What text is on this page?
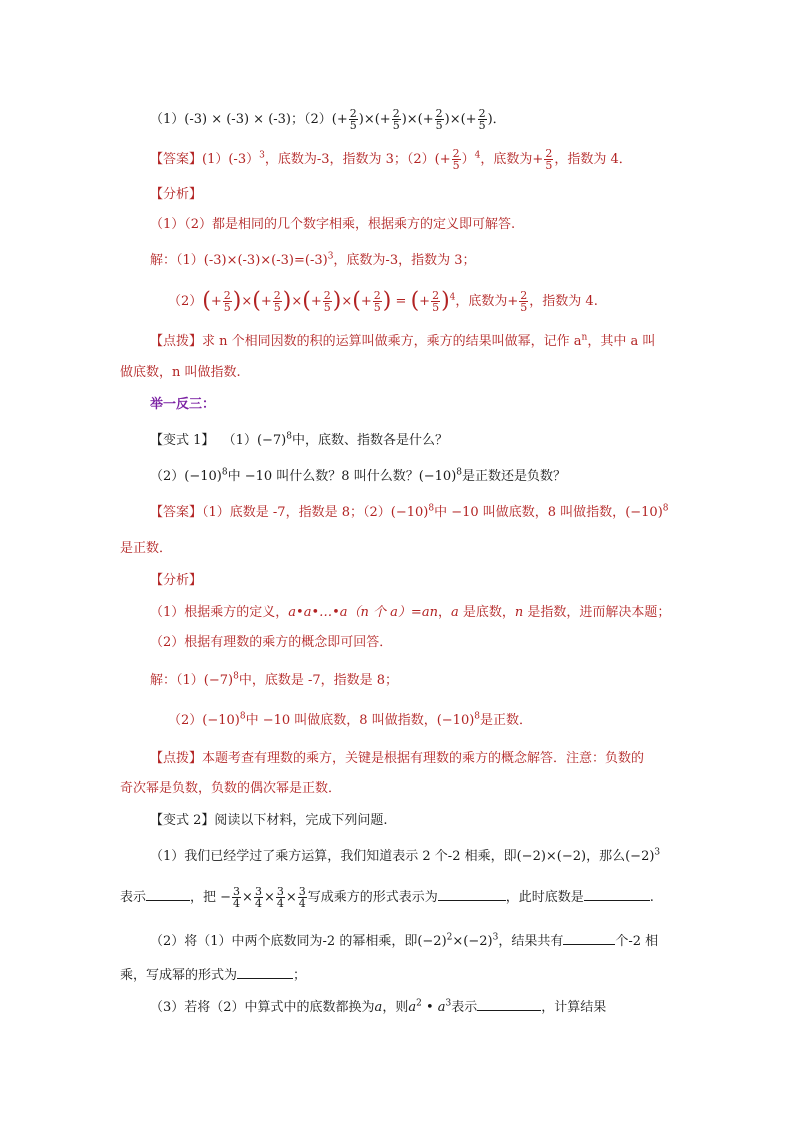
（1）(-3) × (-3) × (-3)；$(2)(+ \frac{2}{5}$ )×(+ $\frac{2}{5}$ )×(+ $\frac{2}{5}$ )×(+ $\frac{2}{5}$ )．
【答案】(1）(-3）$^3$，底数为-3，指数为 3；$(2)(+ \frac{2}{5} )^4$，底数为+ $\frac{2}{5}$ ，指数为 4．
【分析】
（1）（2）都是相同的几个数字相乘，根据乘方的定义即可解答.
解：$(1)(-3)\times(-3)\times(-3)=(-3)^3$，底数为-3，指数为 3；
$(2)(+ \frac{2}{5}$ )×(+ $\frac{2}{5}$ )×(+ $\frac{2}{5}$ )×(+ $\frac{2}{5}$ ) = (+ $\frac{2}{5} )^4$，底数为+ $\frac{2}{5}$ ，指数为 4.
【点拨】求 n 个相同因数的积的运算叫做乘方，乘方的结果叫做幂，记作 $a^n$，其中 a 叫
做底数，n 叫做指数.
举一反三：
【变式 1】 $(1)(-7)^8$中，底数、指数各是什么？
$(2)(-10)^8$中 −10 叫什么数？8 叫什么数？$(-10)^8$是正数还是负数？
【答案】（1）底数是 -7，指数是 8；$(2)(-10)^8$中 −10 叫做底数，8 叫做指数，$(-10)^8$
是正数．
【分析】
（1）根据乘方的定义，a•a•…•a（n 个 a）=an，a 是底数，n 是指数，进而解决本题；
（2）根据有理数的乘方的概念即可回答．
解：$(1)(-7)^8$中，底数是 -7，指数是 8；
$(2)(-10)^8$中 −10 叫做底数，8 叫做指数，$(-10)^8$是正数．
【点拨】本题考查有理数的乘方，关键是根据有理数的乘方的概念解答．注意：负数的
奇次幂是负数，负数的偶次幂是正数．
【变式 2】阅读以下材料，完成下列问题.
（1）我们已经学过了乘方运算，我们知道表示 2 个-2 相乘，即(−2)×(−2)，那么$(-2)^3$
表示	，把 − $\frac{3}{4} \times \frac{3}{4} \times \frac{3}{4} \times \frac{3}{4}$ 写成乘方的形式表示为	，此时底数是	.
（2）将（1）中两个底数同为-2 的幂相乘，即$(-2)^2\times(-2)^3$，结果共有	个-2 相
乘，写成幂的形式为	；
（3）若将（2）中算式中的底数都换为a，则$a^2$ • $a^3$表示	，计算结果
